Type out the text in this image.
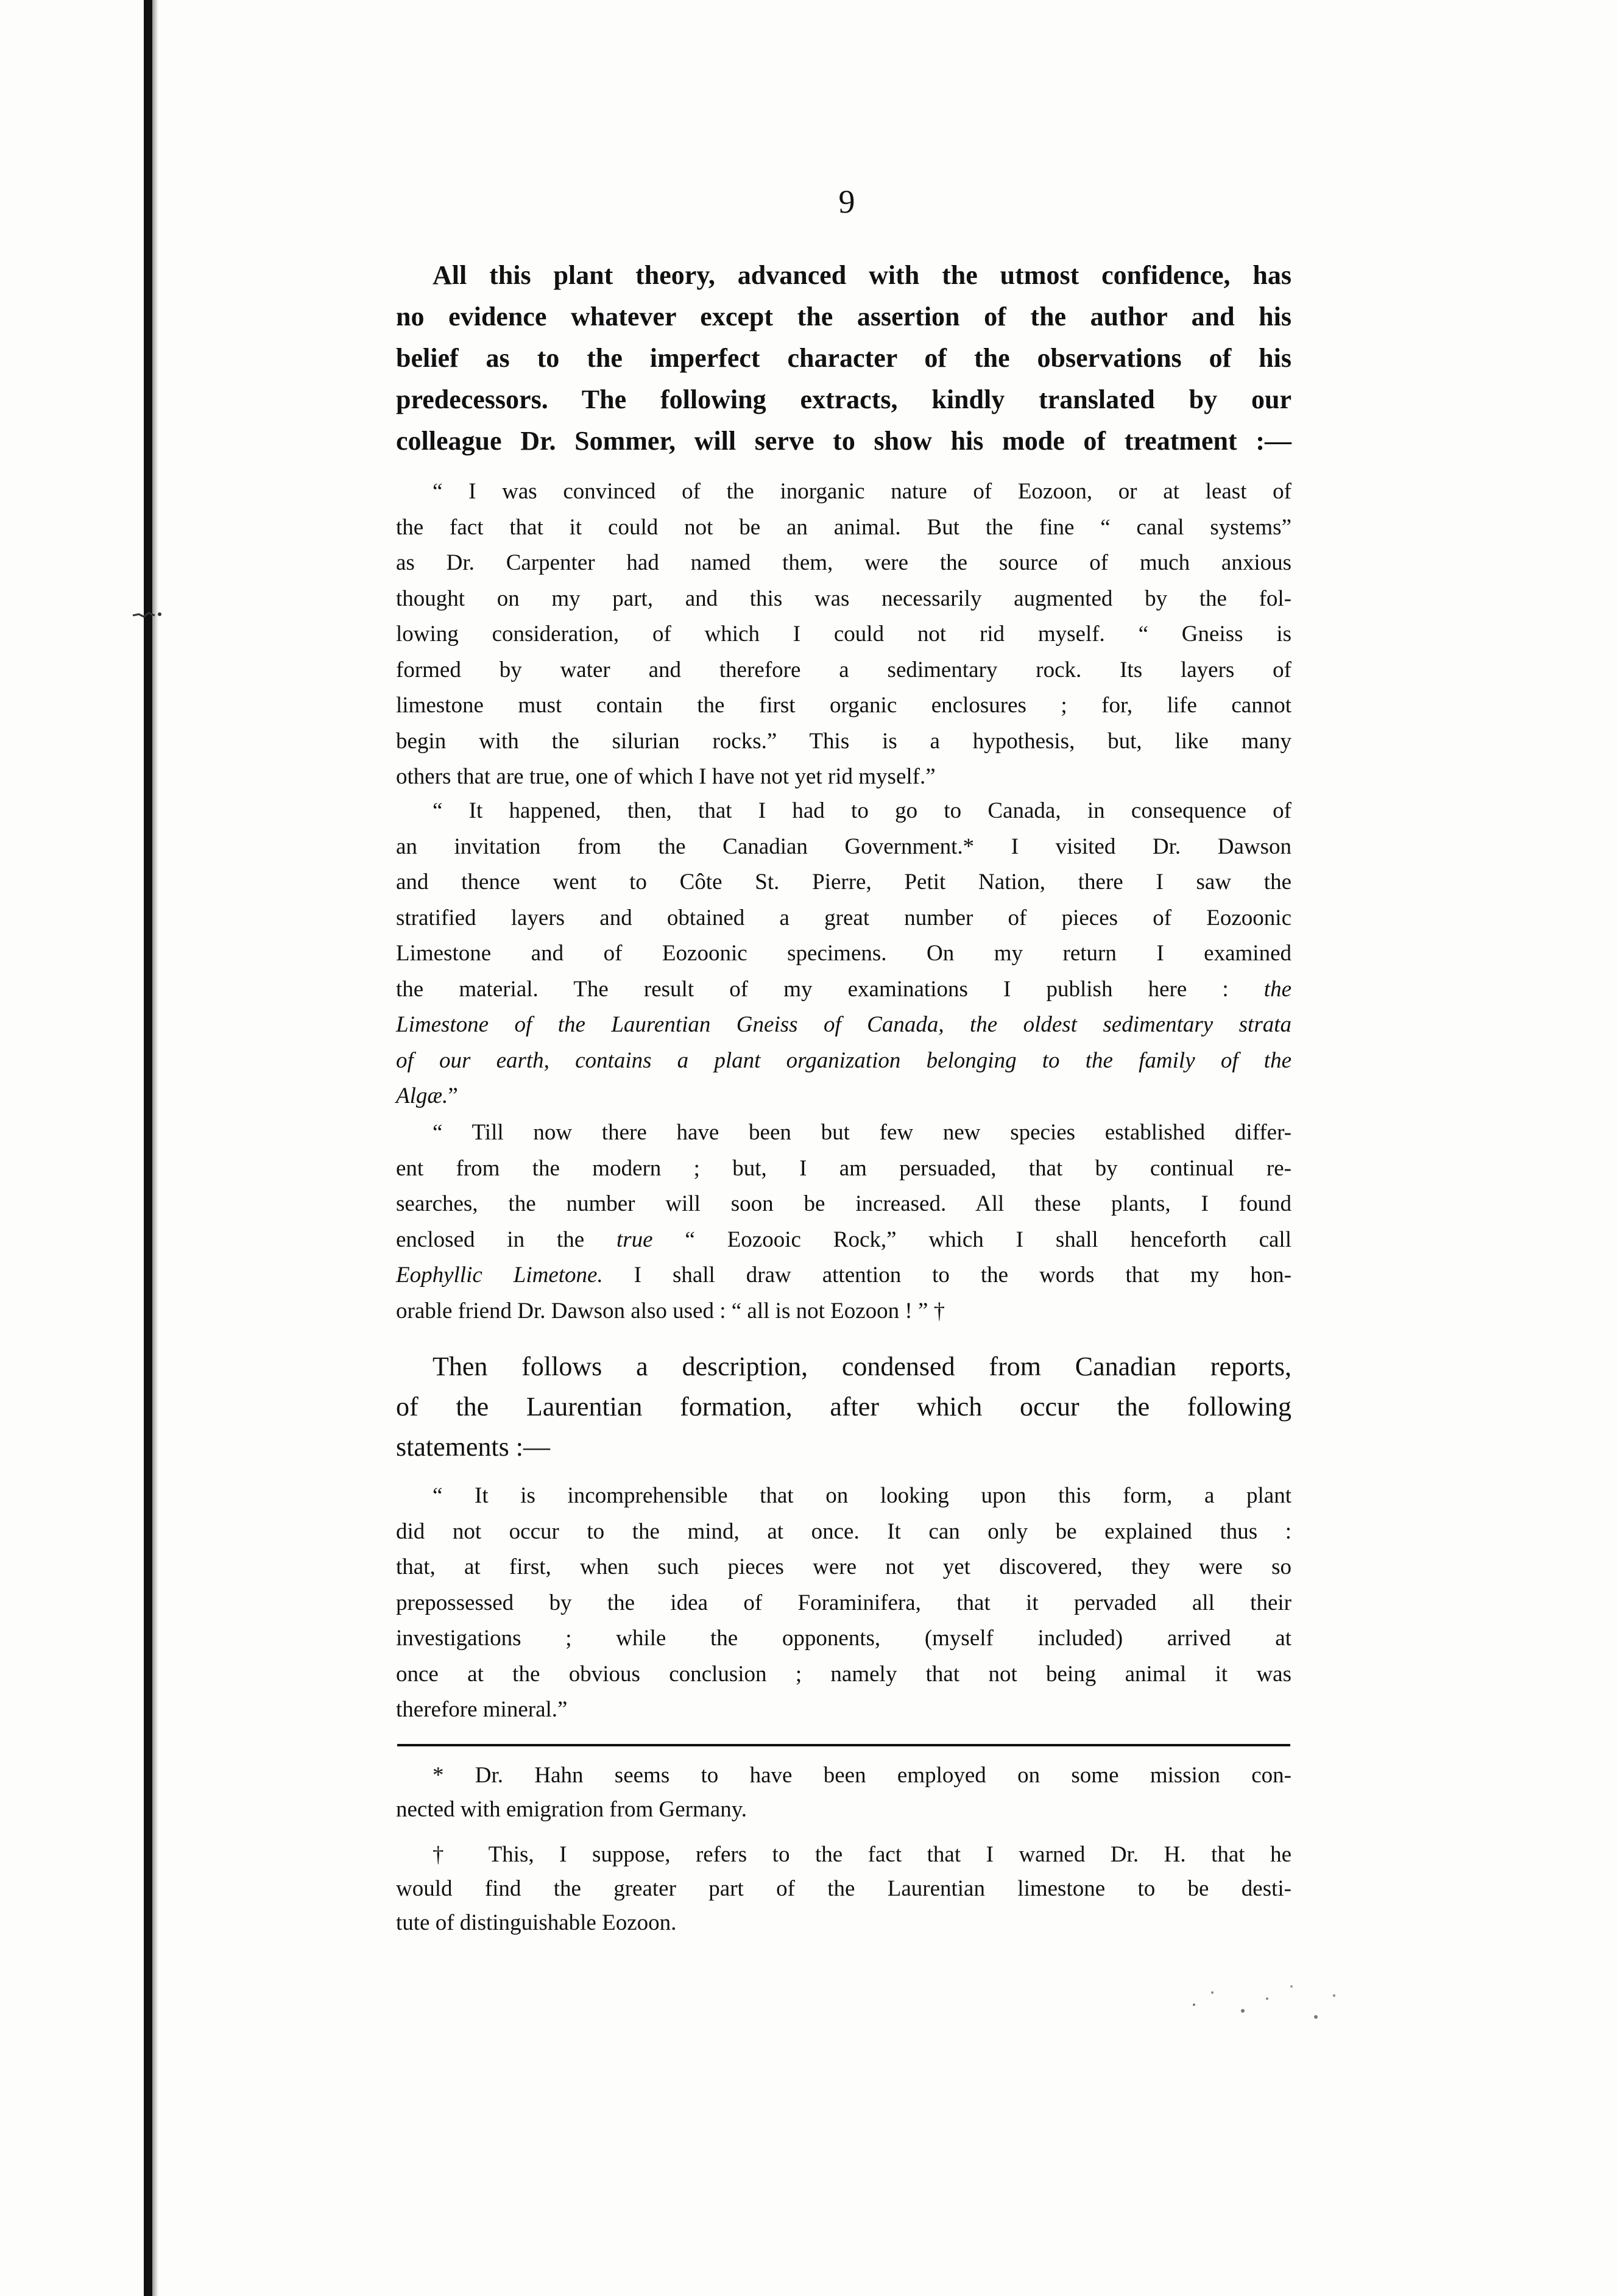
9
All this plant theory, advanced with the utmost confidence, has
no evidence whatever except the assertion of the author and his
belief as to the imperfect character of the observations of his
predecessors. The following extracts, kindly translated by our
colleague Dr. Sommer, will serve to show his mode of treatment :—
“ I was convinced of the inorganic nature of Eozoon, or at least of
the fact that it could not be an animal. But the fine “ canal systems”
as Dr. Carpenter had named them, were the source of much anxious
thought on my part, and this was necessarily augmented by the fol-
lowing consideration, of which I could not rid myself. “ Gneiss is
formed by water and therefore a sedimentary rock. Its layers of
limestone must contain the first organic enclosures ; for, life cannot
begin with the silurian rocks.” This is a hypothesis, but, like many
others that are true, one of which I have not yet rid myself.”
“ It happened, then, that I had to go to Canada, in consequence of
an invitation from the Canadian Government.* I visited Dr. Dawson
and thence went to Côte St. Pierre, Petit Nation, there I saw the
stratified layers and obtained a great number of pieces of Eozoonic
Limestone and of Eozoonic specimens. On my return I examined
the material. The result of my examinations I publish here : the
Limestone of the Laurentian Gneiss of Canada, the oldest sedimentary strata
of our earth, contains a plant organization belonging to the family of the
Algæ.”
“ Till now there have been but few new species established differ-
ent from the modern ; but, I am persuaded, that by continual re-
searches, the number will soon be increased. All these plants, I found
enclosed in the true “ Eozooic Rock,” which I shall henceforth call
Eophyllic Limetone. I shall draw attention to the words that my hon-
orable friend Dr. Dawson also used : “ all is not Eozoon ! ” †
Then follows a description, condensed from Canadian reports,
of the Laurentian formation, after which occur the following
statements :—
“ It is incomprehensible that on looking upon this form, a plant
did not occur to the mind, at once. It can only be explained thus :
that, at first, when such pieces were not yet discovered, they were so
prepossessed by the idea of Foraminifera, that it pervaded all their
investigations ; while the opponents, (myself included) arrived at
once at the obvious conclusion ; namely that not being animal it was
therefore mineral.”
* Dr. Hahn seems to have been employed on some mission con-
nected with emigration from Germany.
† This, I suppose, refers to the fact that I warned Dr. H. that he
would find the greater part of the Laurentian limestone to be desti-
tute of distinguishable Eozoon.
